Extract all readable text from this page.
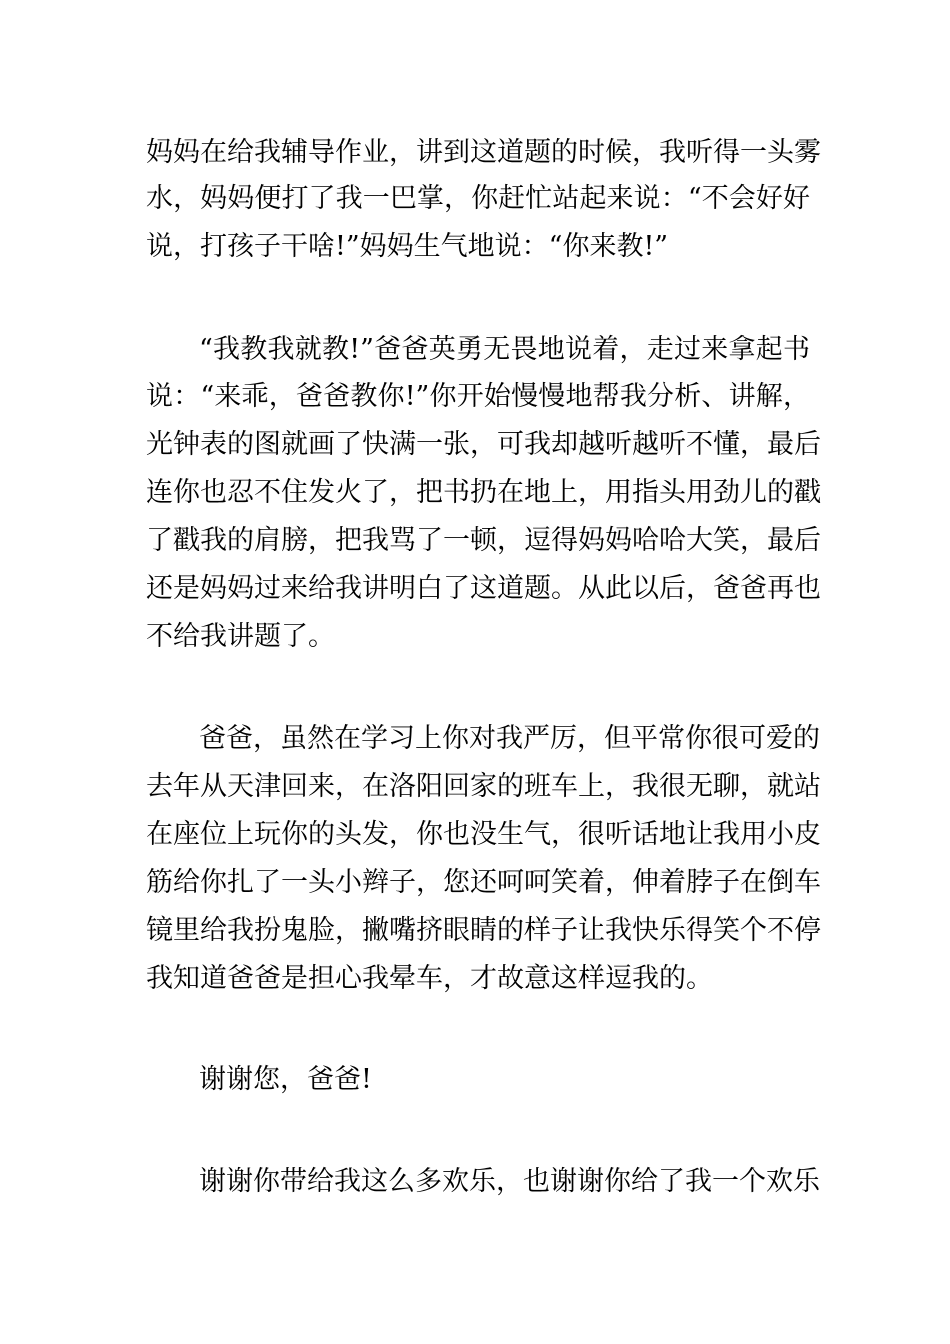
妈妈在给我辅导作业，讲到这道题的时候，我听得一头雾

水，妈妈便打了我一巴掌，你赶忙站起来说：“不会好好

说，打孩子干啥!”妈妈生气地说：“你来教!”

“我教我就教!”爸爸英勇无畏地说着，走过来拿起书

说：“来乖，爸爸教你!”你开始慢慢地帮我分析、讲解，

光钟表的图就画了快满一张，可我却越听越听不懂，最后

连你也忍不住发火了，把书扔在地上，用指头用劲儿的戳

了戳我的肩膀，把我骂了一顿，逗得妈妈哈哈大笑，最后

还是妈妈过来给我讲明白了这道题。从此以后，爸爸再也

不给我讲题了。

爸爸，虽然在学习上你对我严厉，但平常你很可爱的

去年从天津回来，在洛阳回家的班车上，我很无聊，就站

在座位上玩你的头发，你也没生气，很听话地让我用小皮

筋给你扎了一头小辫子，您还呵呵笑着，伸着脖子在倒车

镜里给我扮鬼脸，撇嘴挤眼睛的样子让我快乐得笑个不停

我知道爸爸是担心我晕车，才故意这样逗我的。

谢谢您，爸爸!

谢谢你带给我这么多欢乐，也谢谢你给了我一个欢乐
